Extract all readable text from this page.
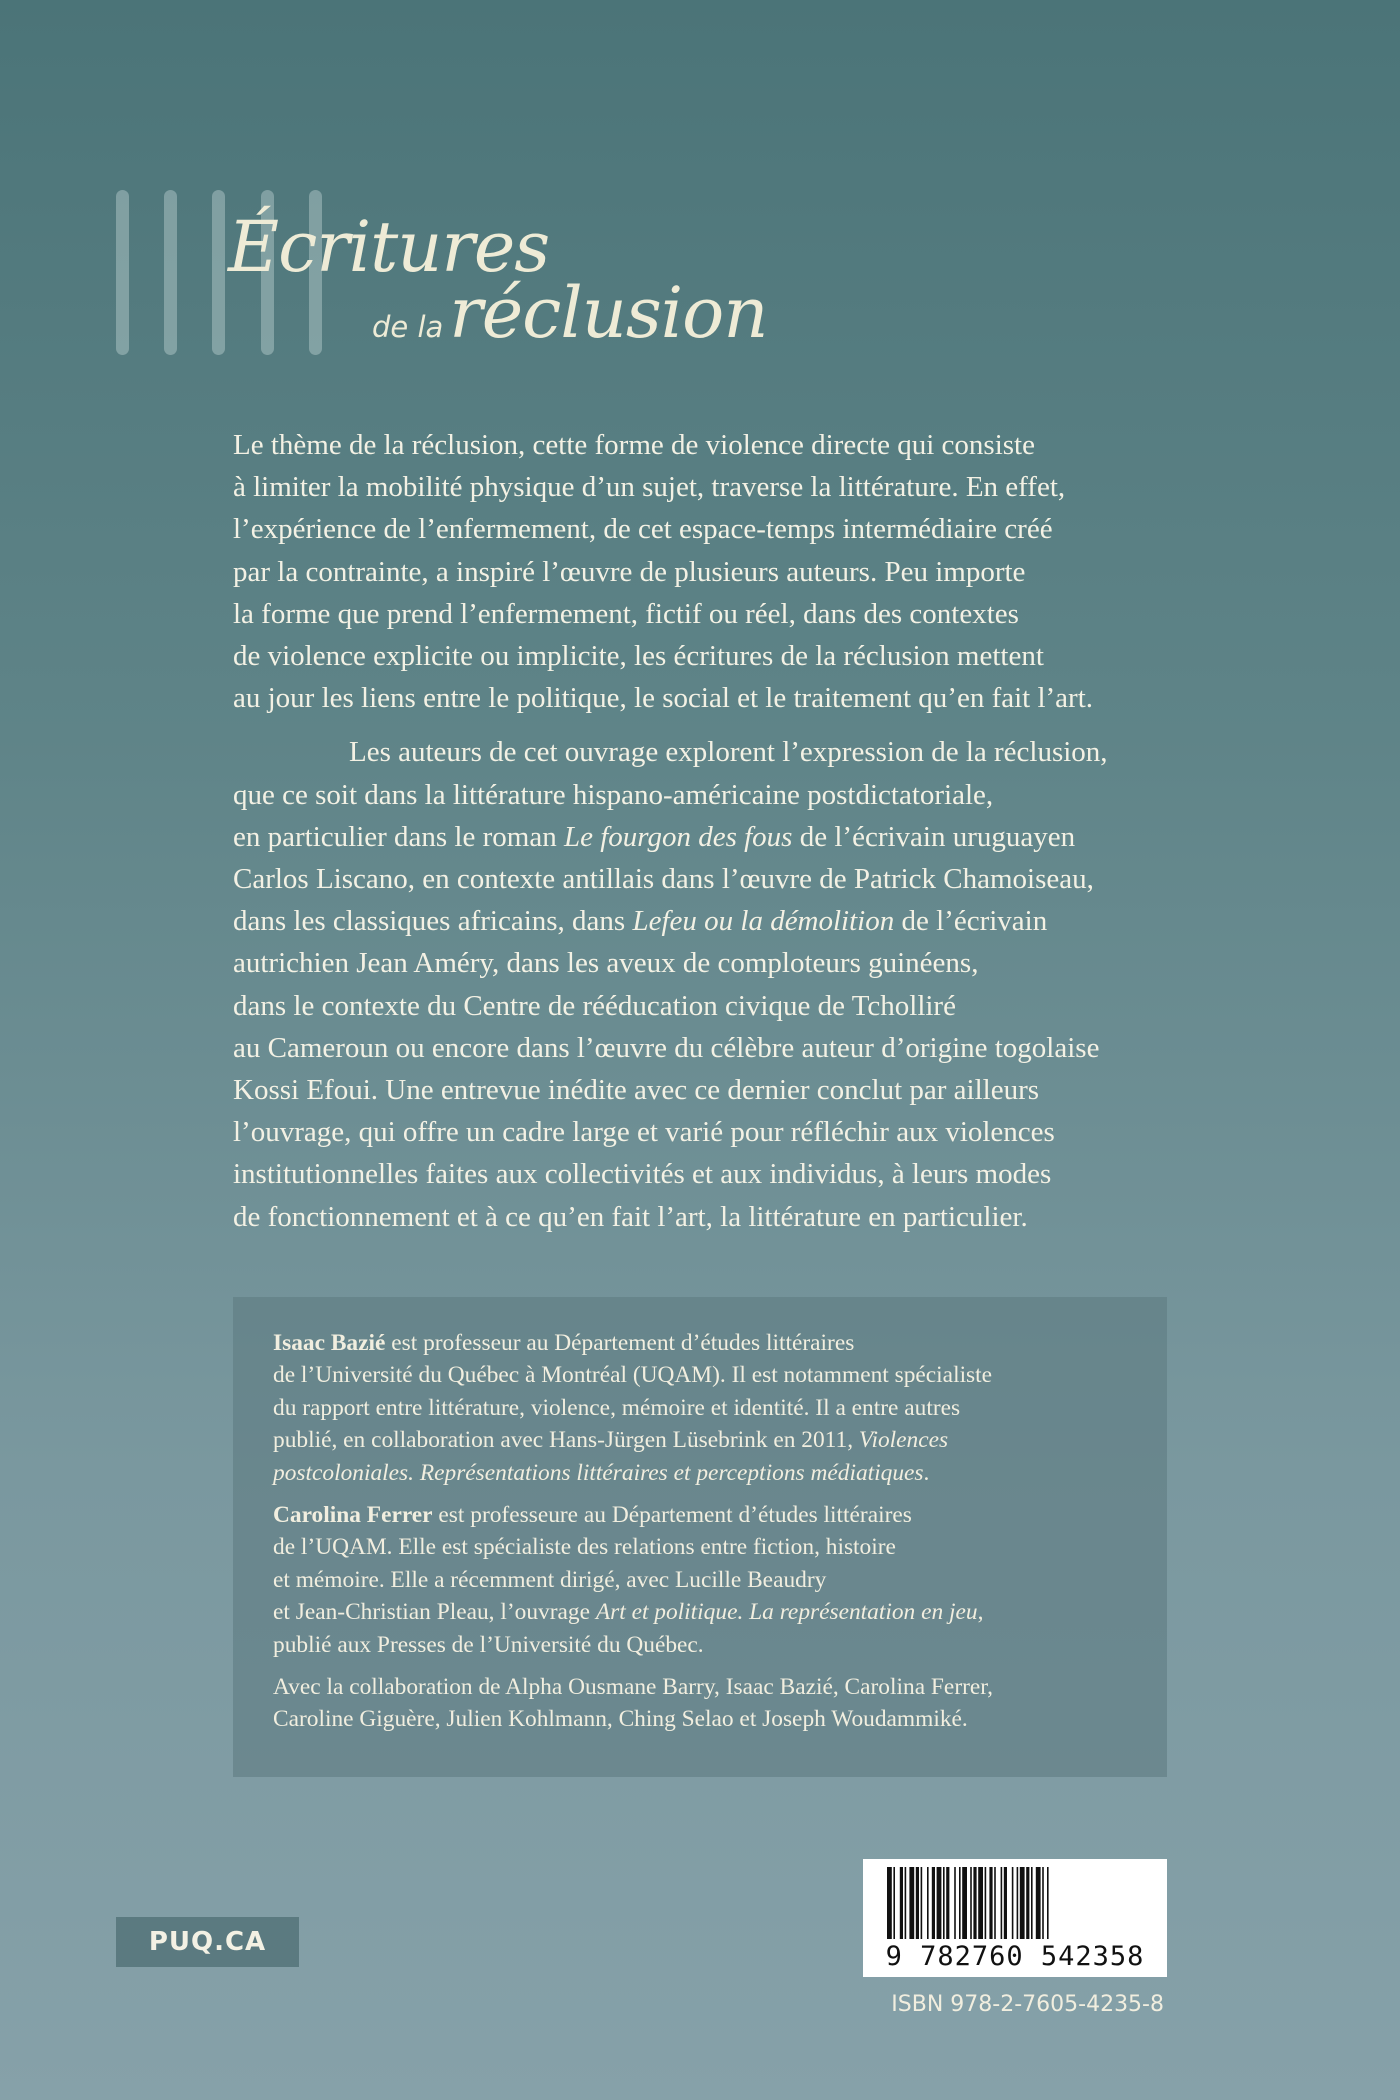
Écritures
de laréclusion

Le thème de la réclusion, cette forme de violence directe qui consiste
à limiter la mobilité physique d’un sujet, traverse la littérature. En effet,
l’expérience de l’enfermement, de cet espace-temps intermédiaire créé
par la contrainte, a inspiré l’œuvre de plusieurs auteurs. Peu importe
la forme que prend l’enfermement, fictif ou réel, dans des contextes
de violence explicite ou implicite, les écritures de la réclusion mettent
au jour les liens entre le politique, le social et le traitement qu’en fait l’art.

Les auteurs de cet ouvrage explorent l’expression de la réclusion,
que ce soit dans la littérature hispano-américaine postdictatoriale,
en particulier dans le roman Le fourgon des fous de l’écrivain uruguayen
Carlos Liscano, en contexte antillais dans l’œuvre de Patrick Chamoiseau,
dans les classiques africains, dans Lefeu ou la démolition de l’écrivain
autrichien Jean Améry, dans les aveux de comploteurs guinéens,
dans le contexte du Centre de rééducation civique de Tcholliré
au Cameroun ou encore dans l’œuvre du célèbre auteur d’origine togolaise
Kossi Efoui. Une entrevue inédite avec ce dernier conclut par ailleurs
l’ouvrage, qui offre un cadre large et varié pour réfléchir aux violences
institutionnelles faites aux collectivités et aux individus, à leurs modes
de fonctionnement et à ce qu’en fait l’art, la littérature en particulier.

Isaac Bazié est professeur au Département d’études littéraires
de l’Université du Québec à Montréal (UQAM). Il est notamment spécialiste
du rapport entre littérature, violence, mémoire et identité. Il a entre autres
publié, en collaboration avec Hans-Jürgen Lüsebrink en 2011, Violences
postcoloniales. Représentations littéraires et perceptions médiatiques.

Carolina Ferrer est professeure au Département d’études littéraires
de l’UQAM. Elle est spécialiste des relations entre fiction, histoire
et mémoire. Elle a récemment dirigé, avec Lucille Beaudry
et Jean-Christian Pleau, l’ouvrage Art et politique. La représentation en jeu,
publié aux Presses de l’Université du Québec.

Avec la collaboration de Alpha Ousmane Barry, Isaac Bazié, Carolina Ferrer,
Caroline Giguère, Julien Kohlmann, Ching Selao et Joseph Woudammiké.

PUQ.CA	9 782760 542358
ISBN 978-2-7605-4235-8
